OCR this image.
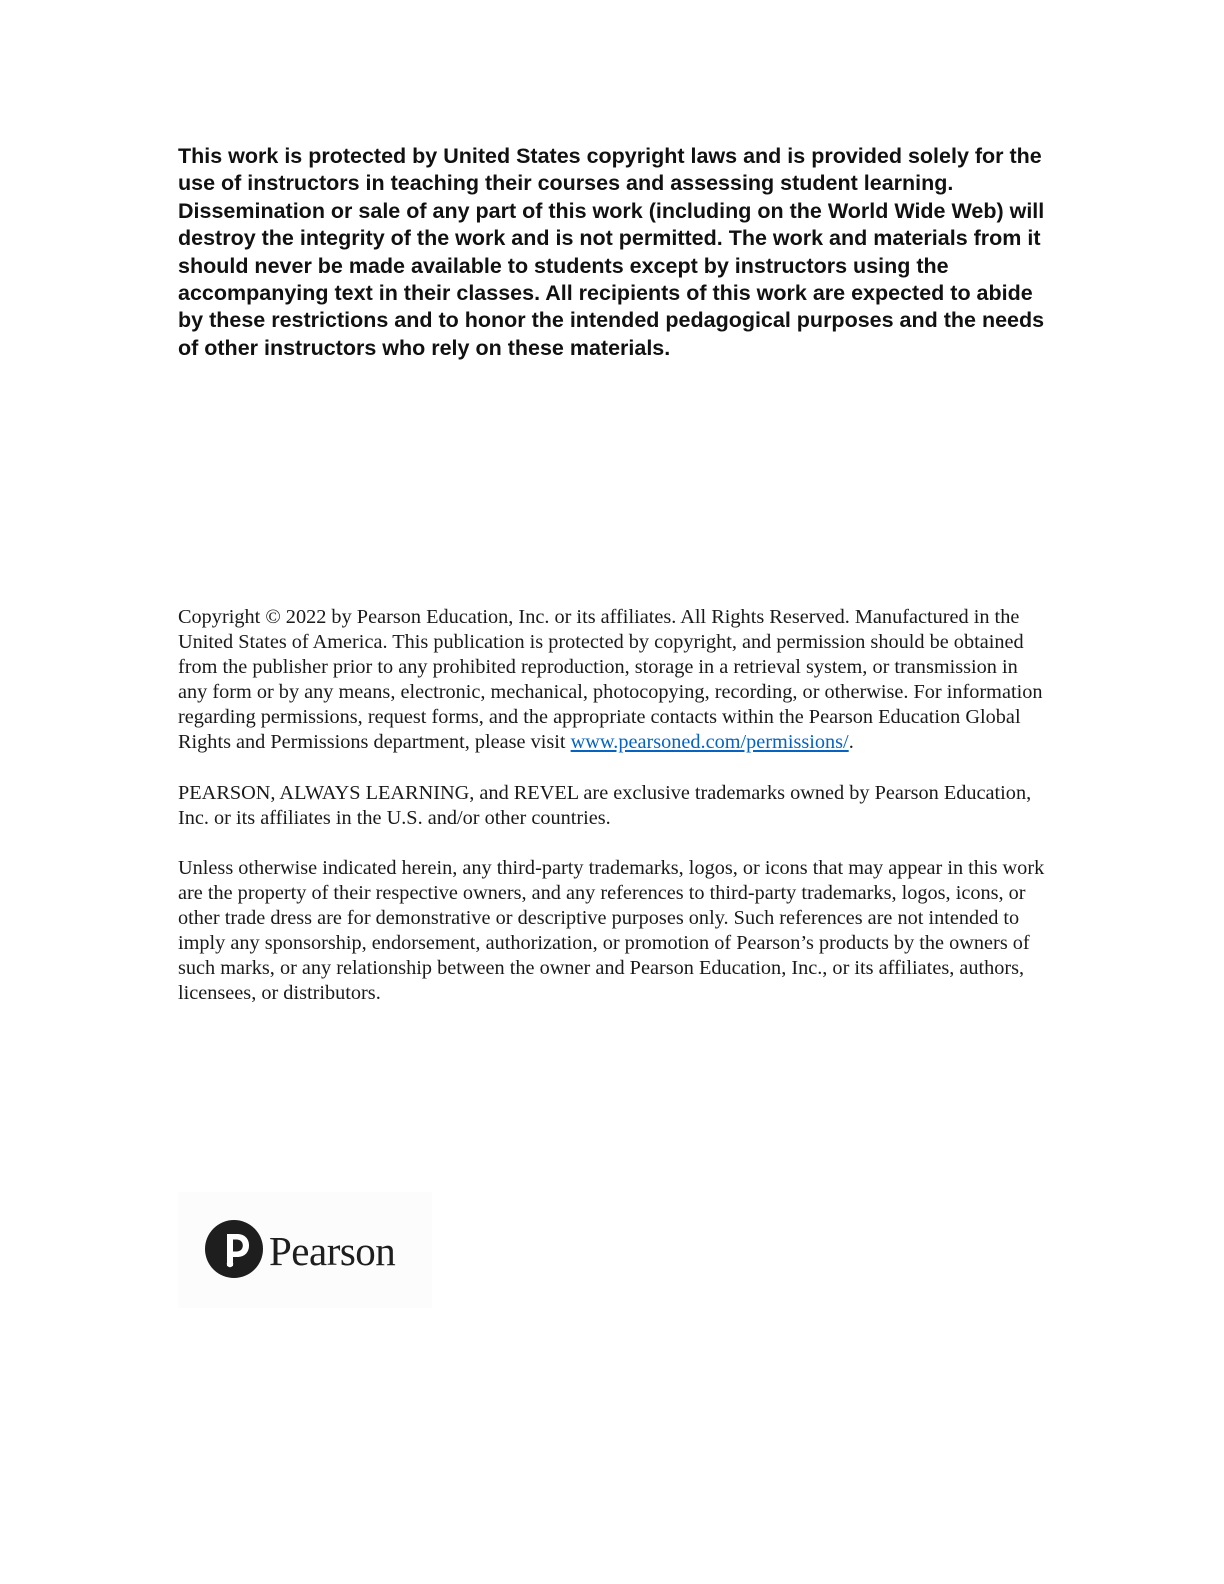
This work is protected by United States copyright laws and is provided solely for the use of instructors in teaching their courses and assessing student learning. Dissemination or sale of any part of this work (including on the World Wide Web) will destroy the integrity of the work and is not permitted. The work and materials from it should never be made available to students except by instructors using the accompanying text in their classes. All recipients of this work are expected to abide by these restrictions and to honor the intended pedagogical purposes and the needs of other instructors who rely on these materials.

Copyright © 2022 by Pearson Education, Inc. or its affiliates. All Rights Reserved. Manufactured in the United States of America. This publication is protected by copyright, and permission should be obtained from the publisher prior to any prohibited reproduction, storage in a retrieval system, or transmission in any form or by any means, electronic, mechanical, photocopying, recording, or otherwise. For information regarding permissions, request forms, and the appropriate contacts within the Pearson Education Global Rights and Permissions department, please visit www.pearsoned.com/permissions/.

PEARSON, ALWAYS LEARNING, and REVEL are exclusive trademarks owned by Pearson Education, Inc. or its affiliates in the U.S. and/or other countries.

Unless otherwise indicated herein, any third-party trademarks, logos, or icons that may appear in this work are the property of their respective owners, and any references to third-party trademarks, logos, icons, or other trade dress are for demonstrative or descriptive purposes only. Such references are not intended to imply any sponsorship, endorsement, authorization, or promotion of Pearson’s products by the owners of such marks, or any relationship between the owner and Pearson Education, Inc., or its affiliates, authors, licensees, or distributors.

Pearson
